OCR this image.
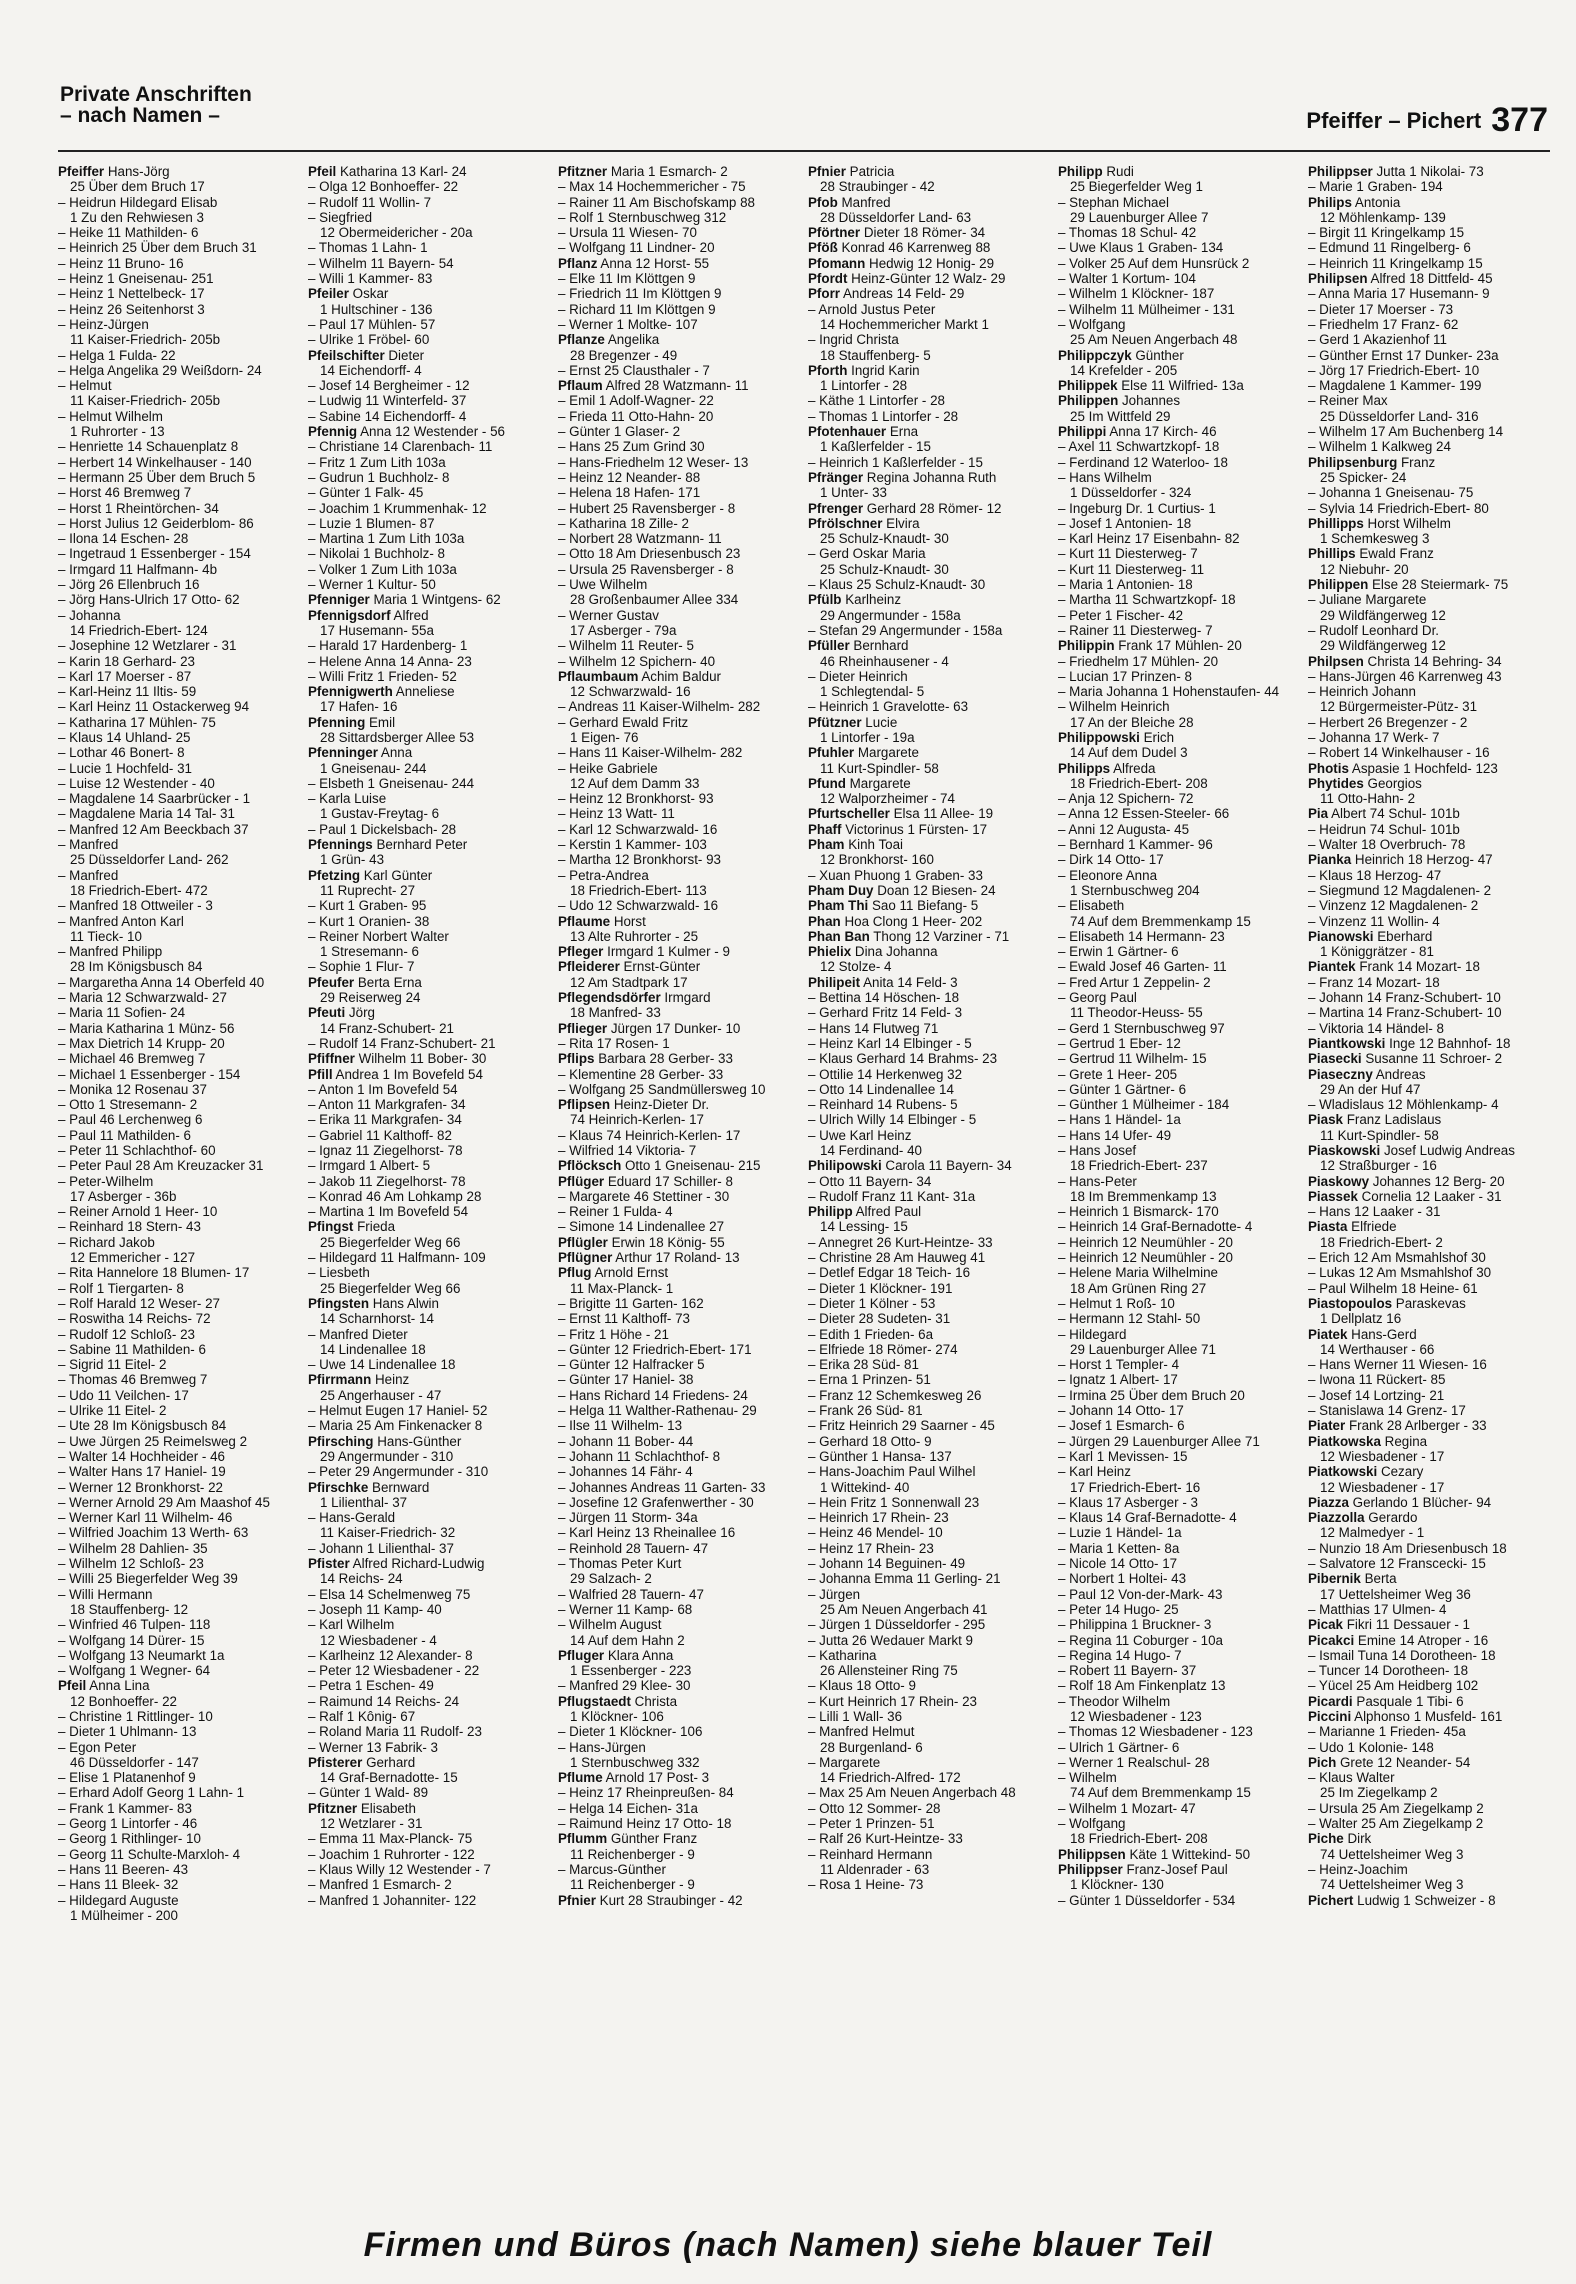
Private Anschriften
– nach Namen –	Pfeiffer – Pichert 377
Pfeiffer Hans-Jörg
25 Über dem Bruch 17
– Heidrun Hildegard Elisab
1 Zu den Rehwiesen 3
– Heike 11 Mathilden- 6
– Heinrich 25 Über dem Bruch 31
– Heinz 11 Bruno- 16
– Heinz 1 Gneisenau- 251
– Heinz 1 Nettelbeck- 17
– Heinz 26 Seitenhorst 3
– Heinz-Jürgen
11 Kaiser-Friedrich- 205b
– Helga 1 Fulda- 22
– Helga Angelika 29 Weißdorn- 24
– Helmut
11 Kaiser-Friedrich- 205b
– Helmut Wilhelm
1 Ruhrorter - 13
– Henriette 14 Schauenplatz 8
– Herbert 14 Winkelhauser - 140
– Hermann 25 Über dem Bruch 5
– Horst 46 Bremweg 7
– Horst 1 Rheintörchen- 34
– Horst Julius 12 Geiderblom- 86
– Ilona 14 Eschen- 28
– Ingetraud 1 Essenberger - 154
– Irmgard 11 Halfmann- 4b
– Jörg 26 Ellenbruch 16
– Jörg Hans-Ulrich 17 Otto- 62
– Johanna
14 Friedrich-Ebert- 124
– Josephine 12 Wetzlarer - 31
– Karin 18 Gerhard- 23
– Karl 17 Moerser - 87
– Karl-Heinz 11 Iltis- 59
– Karl Heinz 11 Ostackerweg 94
– Katharina 17 Mühlen- 75
– Klaus 14 Uhland- 25
– Lothar 46 Bonert- 8
– Lucie 1 Hochfeld- 31
– Luise 12 Westender - 40
– Magdalene 14 Saarbrücker - 1
– Magdalene Maria 14 Tal- 31
– Manfred 12 Am Beeckbach 37
– Manfred
25 Düsseldorfer Land- 262
– Manfred
18 Friedrich-Ebert- 472
– Manfred 18 Ottweiler - 3
– Manfred Anton Karl
11 Tieck- 10
– Manfred Philipp
28 Im Königsbusch 84
– Margaretha Anna 14 Oberfeld 40
– Maria 12 Schwarzwald- 27
– Maria 11 Sofien- 24
– Maria Katharina 1 Münz- 56
– Max Dietrich 14 Krupp- 20
– Michael 46 Bremweg 7
– Michael 1 Essenberger - 154
– Monika 12 Rosenau 37
– Otto 1 Stresemann- 2
– Paul 46 Lerchenweg 6
– Paul 11 Mathilden- 6
– Peter 11 Schlachthof- 60
– Peter Paul 28 Am Kreuzacker 31
– Peter-Wilhelm
17 Asberger - 36b
– Reiner Arnold 1 Heer- 10
– Reinhard 18 Stern- 43
– Richard Jakob
12 Emmericher - 127
– Rita Hannelore 18 Blumen- 17
– Rolf 1 Tiergarten- 8
– Rolf Harald 12 Weser- 27
– Roswitha 14 Reichs- 72
– Rudolf 12 Schloß- 23
– Sabine 11 Mathilden- 6
– Sigrid 11 Eitel- 2
– Thomas 46 Bremweg 7
– Udo 11 Veilchen- 17
– Ulrike 11 Eitel- 2
– Ute 28 Im Königsbusch 84
– Uwe Jürgen 25 Reimelsweg 2
– Walter 14 Hochheider - 46
– Walter Hans 17 Haniel- 19
– Werner 12 Bronkhorst- 22
– Werner Arnold 29 Am Maashof 45
– Werner Karl 11 Wilhelm- 46
– Wilfried Joachim 13 Werth- 63
– Wilhelm 28 Dahlien- 35
– Wilhelm 12 Schloß- 23
– Willi 25 Biegerfelder Weg 39
– Willi Hermann
18 Stauffenberg- 12
– Winfried 46 Tulpen- 118
– Wolfgang 14 Dürer- 15
– Wolfgang 13 Neumarkt 1a
– Wolfgang 1 Wegner- 64
Pfeil Anna Lina
12 Bonhoeffer- 22
– Christine 1 Rittlinger- 10
– Dieter 1 Uhlmann- 13
– Egon Peter
46 Düsseldorfer - 147
– Elise 1 Platanenhof 9
– Erhard Adolf Georg 1 Lahn- 1
– Frank 1 Kammer- 83
– Georg 1 Lintorfer - 46
– Georg 1 Rithlinger- 10
– Georg 11 Schulte-Marxloh- 4
– Hans 11 Beeren- 43
– Hans 11 Bleek- 32
– Hildegard Auguste
1 Mülheimer - 200
Pfeil Katharina 13 Karl- 24
– Olga 12 Bonhoeffer- 22
– Rudolf 11 Wollin- 7
– Siegfried
12 Obermeidericher - 20a
– Thomas 1 Lahn- 1
– Wilhelm 11 Bayern- 54
– Willi 1 Kammer- 83
Pfeiler Oskar
1 Hultschiner - 136
– Paul 17 Mühlen- 57
– Ulrike 1 Fröbel- 60
Pfeilschifter Dieter
14 Eichendorff- 4
– Josef 14 Bergheimer - 12
– Ludwig 11 Winterfeld- 37
– Sabine 14 Eichendorff- 4
Pfennig Anna 12 Westender - 56
– Christiane 14 Clarenbach- 11
– Fritz 1 Zum Lith 103a
– Gudrun 1 Buchholz- 8
– Günter 1 Falk- 45
– Joachim 1 Krummenhak- 12
– Luzie 1 Blumen- 87
– Martina 1 Zum Lith 103a
– Nikolai 1 Buchholz- 8
– Volker 1 Zum Lith 103a
– Werner 1 Kultur- 50
Pfenniger Maria 1 Wintgens- 62
Pfennigsdorf Alfred
17 Husemann- 55a
– Harald 17 Hardenberg- 1
– Helene Anna 14 Anna- 23
– Willi Fritz 1 Frieden- 52
Pfennigwerth Anneliese
17 Hafen- 16
Pfenning Emil
28 Sittardsberger Allee 53
Pfenninger Anna
1 Gneisenau- 244
– Elsbeth 1 Gneisenau- 244
– Karla Luise
1 Gustav-Freytag- 6
– Paul 1 Dickelsbach- 28
Pfennings Bernhard Peter
1 Grün- 43
Pfetzing Karl Günter
11 Ruprecht- 27
– Kurt 1 Graben- 95
– Kurt 1 Oranien- 38
– Reiner Norbert Walter
1 Stresemann- 6
– Sophie 1 Flur- 7
Pfeufer Berta Erna
29 Reiserweg 24
Pfeuti Jörg
14 Franz-Schubert- 21
– Rudolf 14 Franz-Schubert- 21
Pfiffner Wilhelm 11 Bober- 30
Pfill Andrea 1 Im Bovefeld 54
– Anton 1 Im Bovefeld 54
– Anton 11 Markgrafen- 34
– Erika 11 Markgrafen- 34
– Gabriel 11 Kalthoff- 82
– Ignaz 11 Ziegelhorst- 78
– Irmgard 1 Albert- 5
– Jakob 11 Ziegelhorst- 78
– Konrad 46 Am Lohkamp 28
– Martina 1 Im Bovefeld 54
Pfingst Frieda
25 Biegerfelder Weg 66
– Hildegard 11 Halfmann- 109
– Liesbeth
25 Biegerfelder Weg 66
Pfingsten Hans Alwin
14 Scharnhorst- 14
– Manfred Dieter
14 Lindenallee 18
– Uwe 14 Lindenallee 18
Pfirrmann Heinz
25 Angerhauser - 47
– Helmut Eugen 17 Haniel- 52
– Maria 25 Am Finkenacker 8
Pfirsching Hans-Günther
29 Angermunder - 310
– Peter 29 Angermunder - 310
Pfirschke Bernward
1 Lilienthal- 37
– Hans-Gerald
11 Kaiser-Friedrich- 32
– Johann 1 Lilienthal- 37
Pfister Alfred Richard-Ludwig
14 Reichs- 24
– Elsa 14 Schelmenweg 75
– Joseph 11 Kamp- 40
– Karl Wilhelm
12 Wiesbadener - 4
– Karlheinz 12 Alexander- 8
– Peter 12 Wiesbadener - 22
– Petra 1 Eschen- 49
– Raimund 14 Reichs- 24
– Ralf 1 Kônig- 67
– Roland Maria 11 Rudolf- 23
– Werner 13 Fabrik- 3
Pfisterer Gerhard
14 Graf-Bernadotte- 15
– Günter 1 Wald- 89
Pfitzner Elisabeth
12 Wetzlarer - 31
– Emma 11 Max-Planck- 75
– Joachim 1 Ruhrorter - 122
– Klaus Willy 12 Westender - 7
– Manfred 1 Esmarch- 2
– Manfred 1 Johanniter- 122
Pfitzner Maria 1 Esmarch- 2
– Max 14 Hochemmericher - 75
– Rainer 11 Am Bischofskamp 88
– Rolf 1 Sternbuschweg 312
– Ursula 11 Wiesen- 70
– Wolfgang 11 Lindner- 20
Pflanz Anna 12 Horst- 55
– Elke 11 Im Klöttgen 9
– Friedrich 11 Im Klöttgen 9
– Richard 11 Im Klöttgen 9
– Werner 1 Moltke- 107
Pflanze Angelika
28 Bregenzer - 49
– Ernst 25 Clausthaler - 7
Pflaum Alfred 28 Watzmann- 11
– Emil 1 Adolf-Wagner- 22
– Frieda 11 Otto-Hahn- 20
– Günter 1 Glaser- 2
– Hans 25 Zum Grind 30
– Hans-Friedhelm 12 Weser- 13
– Heinz 12 Neander- 88
– Helena 18 Hafen- 171
– Hubert 25 Ravensberger - 8
– Katharina 18 Zille- 2
– Norbert 28 Watzmann- 11
– Otto 18 Am Driesenbusch 23
– Ursula 25 Ravensberger - 8
– Uwe Wilhelm
28 Großenbaumer Allee 334
– Werner Gustav
17 Asberger - 79a
– Wilhelm 11 Reuter- 5
– Wilhelm 12 Spichern- 40
Pflaumbaum Achim Baldur
12 Schwarzwald- 16
– Andreas 11 Kaiser-Wilhelm- 282
– Gerhard Ewald Fritz
1 Eigen- 76
– Hans 11 Kaiser-Wilhelm- 282
– Heike Gabriele
12 Auf dem Damm 33
– Heinz 12 Bronkhorst- 93
– Heinz 13 Watt- 11
– Karl 12 Schwarzwald- 16
– Kerstin 1 Kammer- 103
– Martha 12 Bronkhorst- 93
– Petra-Andrea
18 Friedrich-Ebert- 113
– Udo 12 Schwarzwald- 16
Pflaume Horst
13 Alte Ruhrorter - 25
Pfleger Irmgard 1 Kulmer - 9
Pfleiderer Ernst-Günter
12 Am Stadtpark 17
Pflegendsdörfer Irmgard
18 Manfred- 33
Pflieger Jürgen 17 Dunker- 10
– Rita 17 Rosen- 1
Pflips Barbara 28 Gerber- 33
– Klementine 28 Gerber- 33
– Wolfgang 25 Sandmüllersweg 10
Pflipsen Heinz-Dieter Dr.
74 Heinrich-Kerlen- 17
– Klaus 74 Heinrich-Kerlen- 17
– Wilfried 14 Viktoria- 7
Pflöcksch Otto 1 Gneisenau- 215
Pflüger Eduard 17 Schiller- 8
– Margarete 46 Stettiner - 30
– Reiner 1 Fulda- 4
– Simone 14 Lindenallee 27
Pflügler Erwin 18 König- 55
Pflügner Arthur 17 Roland- 13
Pflug Arnold Ernst
11 Max-Planck- 1
– Brigitte 11 Garten- 162
– Ernst 11 Kalthoff- 73
– Fritz 1 Höhe - 21
– Günter 12 Friedrich-Ebert- 171
– Günter 12 Halfracker 5
– Günter 17 Haniel- 38
– Hans Richard 14 Friedens- 24
– Helga 11 Walther-Rathenau- 29
– Ilse 11 Wilhelm- 13
– Johann 11 Bober- 44
– Johann 11 Schlachthof- 8
– Johannes 14 Fähr- 4
– Johannes Andreas 11 Garten- 33
– Josefine 12 Grafenwerther - 30
– Jürgen 11 Storm- 34a
– Karl Heinz 13 Rheinallee 16
– Reinhold 28 Tauern- 47
– Thomas Peter Kurt
29 Salzach- 2
– Walfried 28 Tauern- 47
– Werner 11 Kamp- 68
– Wilhelm August
14 Auf dem Hahn 2
Pfluger Klara Anna
1 Essenberger - 223
– Manfred 29 Klee- 30
Pflugstaedt Christa
1 Klöckner- 106
– Dieter 1 Klöckner- 106
– Hans-Jürgen
1 Sternbuschweg 332
Pflume Arnold 17 Post- 3
– Heinz 17 Rheinpreußen- 84
– Helga 14 Eichen- 31a
– Raimund Heinz 17 Otto- 18
Pflumm Günther Franz
11 Reichenberger - 9
– Marcus-Günther
11 Reichenberger - 9
Pfnier Kurt 28 Straubinger - 42
Pfnier Patricia
28 Straubinger - 42
Pfob Manfred
28 Düsseldorfer Land- 63
Pförtner Dieter 18 Römer- 34
Pföß Konrad 46 Karrenweg 88
Pfomann Hedwig 12 Honig- 29
Pfordt Heinz-Günter 12 Walz- 29
Pforr Andreas 14 Feld- 29
– Arnold Justus Peter
14 Hochemmericher Markt 1
– Ingrid Christa
18 Stauffenberg- 5
Pforth Ingrid Karin
1 Lintorfer - 28
– Käthe 1 Lintorfer - 28
– Thomas 1 Lintorfer - 28
Pfotenhauer Erna
1 Kaßlerfelder - 15
– Heinrich 1 Kaßlerfelder - 15
Pfränger Regina Johanna Ruth
1 Unter- 33
Pfrenger Gerhard 28 Römer- 12
Pfrölschner Elvira
25 Schulz-Knaudt- 30
– Gerd Oskar Maria
25 Schulz-Knaudt- 30
– Klaus 25 Schulz-Knaudt- 30
Pfülb Karlheinz
29 Angermunder - 158a
– Stefan 29 Angermunder - 158a
Pfüller Bernhard
46 Rheinhausener - 4
– Dieter Heinrich
1 Schlegtendal- 5
– Heinrich 1 Gravelotte- 63
Pfützner Lucie
1 Lintorfer - 19a
Pfuhler Margarete
11 Kurt-Spindler- 58
Pfund Margarete
12 Walporzheimer - 74
Pfurtscheller Elsa 11 Allee- 19
Phaff Victorinus 1 Fürsten- 17
Pham Kinh Toai
12 Bronkhorst- 160
– Xuan Phuong 1 Graben- 33
Pham Duy Doan 12 Biesen- 24
Pham Thi Sao 11 Biefang- 5
Phan Hoa Clong 1 Heer- 202
Phan Ban Thong 12 Varziner - 71
Phielix Dina Johanna
12 Stolze- 4
Philipeit Anita 14 Feld- 3
– Bettina 14 Höschen- 18
– Gerhard Fritz 14 Feld- 3
– Hans 14 Flutweg 71
– Heinz Karl 14 Elbinger - 5
– Klaus Gerhard 14 Brahms- 23
– Ottilie 14 Herkenweg 32
– Otto 14 Lindenallee 14
– Reinhard 14 Rubens- 5
– Ulrich Willy 14 Elbinger - 5
– Uwe Karl Heinz
14 Ferdinand- 40
Philipowski Carola 11 Bayern- 34
– Otto 11 Bayern- 34
– Rudolf Franz 11 Kant- 31a
Philipp Alfred Paul
14 Lessing- 15
– Annegret 26 Kurt-Heintze- 33
– Christine 28 Am Hauweg 41
– Detlef Edgar 18 Teich- 16
– Dieter 1 Klöckner- 191
– Dieter 1 Kölner - 53
– Dieter 28 Sudeten- 31
– Edith 1 Frieden- 6a
– Elfriede 18 Römer- 274
– Erika 28 Süd- 81
– Erna 1 Prinzen- 51
– Franz 12 Schemkesweg 26
– Frank 26 Süd- 81
– Fritz Heinrich 29 Saarner - 45
– Gerhard 18 Otto- 9
– Günther 1 Hansa- 137
– Hans-Joachim Paul Wilhel
1 Wittekind- 40
– Hein Fritz 1 Sonnenwall 23
– Heinrich 17 Rhein- 23
– Heinz 46 Mendel- 10
– Heinz 17 Rhein- 23
– Johann 14 Beguinen- 49
– Johanna Emma 11 Gerling- 21
– Jürgen
25 Am Neuen Angerbach 41
– Jürgen 1 Düsseldorfer - 295
– Jutta 26 Wedauer Markt 9
– Katharina
26 Allensteiner Ring 75
– Klaus 18 Otto- 9
– Kurt Heinrich 17 Rhein- 23
– Lilli 1 Wall- 36
– Manfred Helmut
28 Burgenland- 6
– Margarete
14 Friedrich-Alfred- 172
– Max 25 Am Neuen Angerbach 48
– Otto 12 Sommer- 28
– Peter 1 Prinzen- 51
– Ralf 26 Kurt-Heintze- 33
– Reinhard Hermann
11 Aldenrader - 63
– Rosa 1 Heine- 73
Philipp Rudi
25 Biegerfelder Weg 1
– Stephan Michael
29 Lauenburger Allee 7
– Thomas 18 Schul- 42
– Uwe Klaus 1 Graben- 134
– Volker 25 Auf dem Hunsrück 2
– Walter 1 Kortum- 104
– Wilhelm 1 Klöckner- 187
– Wilhelm 11 Mülheimer - 131
– Wolfgang
25 Am Neuen Angerbach 48
Philippczyk Günther
14 Krefelder - 205
Philippek Else 11 Wilfried- 13a
Philippen Johannes
25 Im Wittfeld 29
Philippi Anna 17 Kirch- 46
– Axel 11 Schwartzkopf- 18
– Ferdinand 12 Waterloo- 18
– Hans Wilhelm
1 Düsseldorfer - 324
– Ingeburg Dr. 1 Curtius- 1
– Josef 1 Antonien- 18
– Karl Heinz 17 Eisenbahn- 82
– Kurt 11 Diesterweg- 7
– Kurt 11 Diesterweg- 11
– Maria 1 Antonien- 18
– Martha 11 Schwartzkopf- 18
– Peter 1 Fischer- 42
– Rainer 11 Diesterweg- 7
Philippin Frank 17 Mühlen- 20
– Friedhelm 17 Mühlen- 20
– Lucian 17 Prinzen- 8
– Maria Johanna 1 Hohenstaufen- 44
– Wilhelm Heinrich
17 An der Bleiche 28
Philippowski Erich
14 Auf dem Dudel 3
Philipps Alfreda
18 Friedrich-Ebert- 208
– Anja 12 Spichern- 72
– Anna 12 Essen-Steeler- 66
– Anni 12 Augusta- 45
– Bernhard 1 Kammer- 96
– Dirk 14 Otto- 17
– Eleonore Anna
1 Sternbuschweg 204
– Elisabeth
74 Auf dem Bremmenkamp 15
– Elisabeth 14 Hermann- 23
– Erwin 1 Gärtner- 6
– Ewald Josef 46 Garten- 11
– Fred Artur 1 Zeppelin- 2
– Georg Paul
11 Theodor-Heuss- 55
– Gerd 1 Sternbuschweg 97
– Gertrud 1 Eber- 12
– Gertrud 11 Wilhelm- 15
– Grete 1 Heer- 205
– Günter 1 Gärtner- 6
– Günther 1 Mülheimer - 184
– Hans 1 Händel- 1a
– Hans 14 Ufer- 49
– Hans Josef
18 Friedrich-Ebert- 237
– Hans-Peter
18 Im Bremmenkamp 13
– Heinrich 1 Bismarck- 170
– Heinrich 14 Graf-Bernadotte- 4
– Heinrich 12 Neumühler - 20
– Heinrich 12 Neumühler - 20
– Helene Maria Wilhelmine
18 Am Grünen Ring 27
– Helmut 1 Roß- 10
– Hermann 12 Stahl- 50
– Hildegard
29 Lauenburger Allee 71
– Horst 1 Templer- 4
– Ignatz 1 Albert- 17
– Irmina 25 Über dem Bruch 20
– Johann 14 Otto- 17
– Josef 1 Esmarch- 6
– Jürgen 29 Lauenburger Allee 71
– Karl 1 Mevissen- 15
– Karl Heinz
17 Friedrich-Ebert- 16
– Klaus 17 Asberger - 3
– Klaus 14 Graf-Bernadotte- 4
– Luzie 1 Händel- 1a
– Maria 1 Ketten- 8a
– Nicole 14 Otto- 17
– Norbert 1 Holtei- 43
– Paul 12 Von-der-Mark- 43
– Peter 14 Hugo- 25
– Philippina 1 Bruckner- 3
– Regina 11 Coburger - 10a
– Regina 14 Hugo- 7
– Robert 11 Bayern- 37
– Rolf 18 Am Finkenplatz 13
– Theodor Wilhelm
12 Wiesbadener - 123
– Thomas 12 Wiesbadener - 123
– Ulrich 1 Gärtner- 6
– Werner 1 Realschul- 28
– Wilhelm
74 Auf dem Bremmenkamp 15
– Wilhelm 1 Mozart- 47
– Wolfgang
18 Friedrich-Ebert- 208
Philippsen Käte 1 Wittekind- 50
Philippser Franz-Josef Paul
1 Klöckner- 130
– Günter 1 Düsseldorfer - 534
Philippser Jutta 1 Nikolai- 73
– Marie 1 Graben- 194
Philips Antonia
12 Möhlenkamp- 139
– Birgit 11 Kringelkamp 15
– Edmund 11 Ringelberg- 6
– Heinrich 11 Kringelkamp 15
Philipsen Alfred 18 Dittfeld- 45
– Anna Maria 17 Husemann- 9
– Dieter 17 Moerser - 73
– Friedhelm 17 Franz- 62
– Gerd 1 Akazienhof 11
– Günther Ernst 17 Dunker- 23a
– Jörg 17 Friedrich-Ebert- 10
– Magdalene 1 Kammer- 199
– Reiner Max
25 Düsseldorfer Land- 316
– Wilhelm 17 Am Buchenberg 14
– Wilhelm 1 Kalkweg 24
Philipsenburg Franz
25 Spicker- 24
– Johanna 1 Gneisenau- 75
– Sylvia 14 Friedrich-Ebert- 80
Phillipps Horst Wilhelm
1 Schemkesweg 3
Phillips Ewald Franz
12 Niebuhr- 20
Philippen Else 28 Steiermark- 75
– Juliane Margarete
29 Wildfängerweg 12
– Rudolf Leonhard Dr.
29 Wildfängerweg 12
Philpsen Christa 14 Behring- 34
– Hans-Jürgen 46 Karrenweg 43
– Heinrich Johann
12 Bürgermeister-Pütz- 31
– Herbert 26 Bregenzer - 2
– Johanna 17 Werk- 7
– Robert 14 Winkelhauser - 16
Photis Aspasie 1 Hochfeld- 123
Phytides Georgios
11 Otto-Hahn- 2
Pia Albert 74 Schul- 101b
– Heidrun 74 Schul- 101b
– Walter 18 Overbruch- 78
Pianka Heinrich 18 Herzog- 47
– Klaus 18 Herzog- 47
– Siegmund 12 Magdalenen- 2
– Vinzenz 12 Magdalenen- 2
– Vinzenz 11 Wollin- 4
Pianowski Eberhard
1 Königgrätzer - 81
Piantek Frank 14 Mozart- 18
– Franz 14 Mozart- 18
– Johann 14 Franz-Schubert- 10
– Martina 14 Franz-Schubert- 10
– Viktoria 14 Händel- 8
Piantkowski Inge 12 Bahnhof- 18
Piasecki Susanne 11 Schroer- 2
Piaseczny Andreas
29 An der Huf 47
– Wladislaus 12 Möhlenkamp- 4
Piask Franz Ladislaus
11 Kurt-Spindler- 58
Piaskowski Josef Ludwig Andreas
12 Straßburger - 16
Piaskowy Johannes 12 Berg- 20
Piassek Cornelia 12 Laaker - 31
– Hans 12 Laaker - 31
Piasta Elfriede
18 Friedrich-Ebert- 2
– Erich 12 Am Msmahlshof 30
– Lukas 12 Am Msmahlshof 30
– Paul Wilhelm 18 Heine- 61
Piastopoulos Paraskevas
1 Dellplatz 16
Piatek Hans-Gerd
14 Werthauser - 66
– Hans Werner 11 Wiesen- 16
– Iwona 11 Rückert- 85
– Josef 14 Lortzing- 21
– Stanislawa 14 Grenz- 17
Piater Frank 28 Arlberger - 33
Piatkowska Regina
12 Wiesbadener - 17
Piatkowski Cezary
12 Wiesbadener - 17
Piazza Gerlando 1 Blücher- 94
Piazzolla Gerardo
12 Malmedyer - 1
– Nunzio 18 Am Driesenbusch 18
– Salvatore 12 Franscecki- 15
Pibernik Berta
17 Uettelsheimer Weg 36
– Matthias 17 Ulmen- 4
Picak Fikri 11 Dessauer - 1
Picakci Emine 14 Atroper - 16
– Ismail Tuna 14 Dorotheen- 18
– Tuncer 14 Dorotheen- 18
– Yücel 25 Am Heidberg 102
Picardi Pasquale 1 Tibi- 6
Piccini Alphonso 1 Musfeld- 161
– Marianne 1 Frieden- 45a
– Udo 1 Kolonie- 148
Pich Grete 12 Neander- 54
– Klaus Walter
25 Im Ziegelkamp 2
– Ursula 25 Am Ziegelkamp 2
– Walter 25 Am Ziegelkamp 2
Piche Dirk
74 Uettelsheimer Weg 3
– Heinz-Joachim
74 Uettelsheimer Weg 3
Pichert Ludwig 1 Schweizer - 8
Firmen und Büros (nach Namen) siehe blauer Teil
